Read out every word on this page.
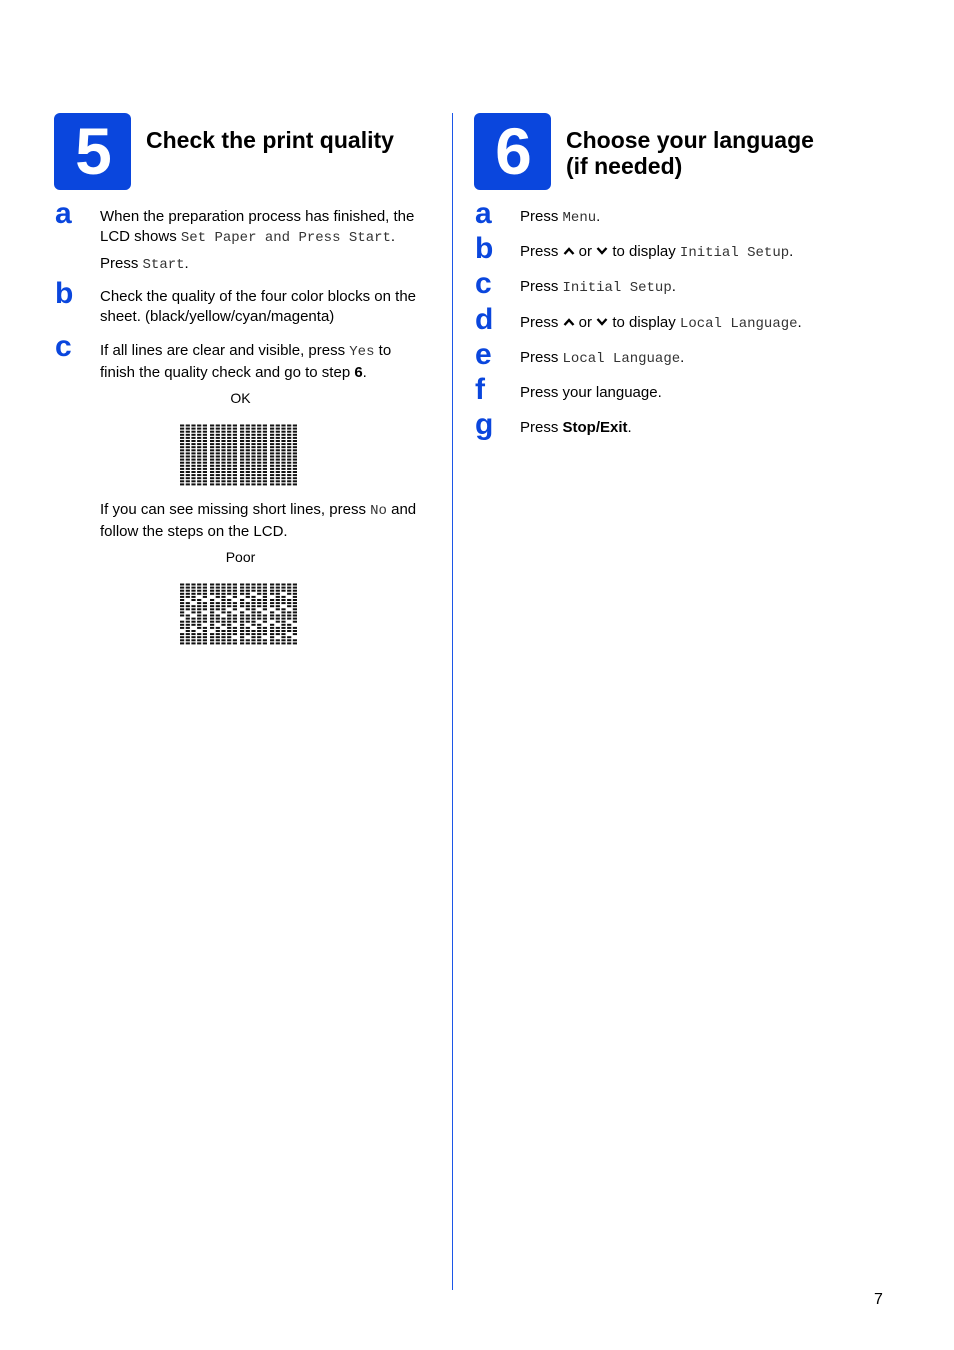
5	Check the print quality
a When the preparation process has finished, the
LCD shows Set Paper and Press Start.
Press Start.
b Check the quality of the four color blocks on the
sheet. (black/yellow/cyan/magenta)
c If all lines are clear and visible, press Yes to
finish the quality check and go to step 6.
OK
If you can see missing short lines, press No and
follow the steps on the LCD.
Poor
6	Choose your language
(if needed)
a Press Menu.
b Press  or  to display Initial Setup.
c Press Initial Setup.
d Press  or  to display Local Language.
e Press Local Language.
f Press your language.
g Press Stop/Exit.
7
